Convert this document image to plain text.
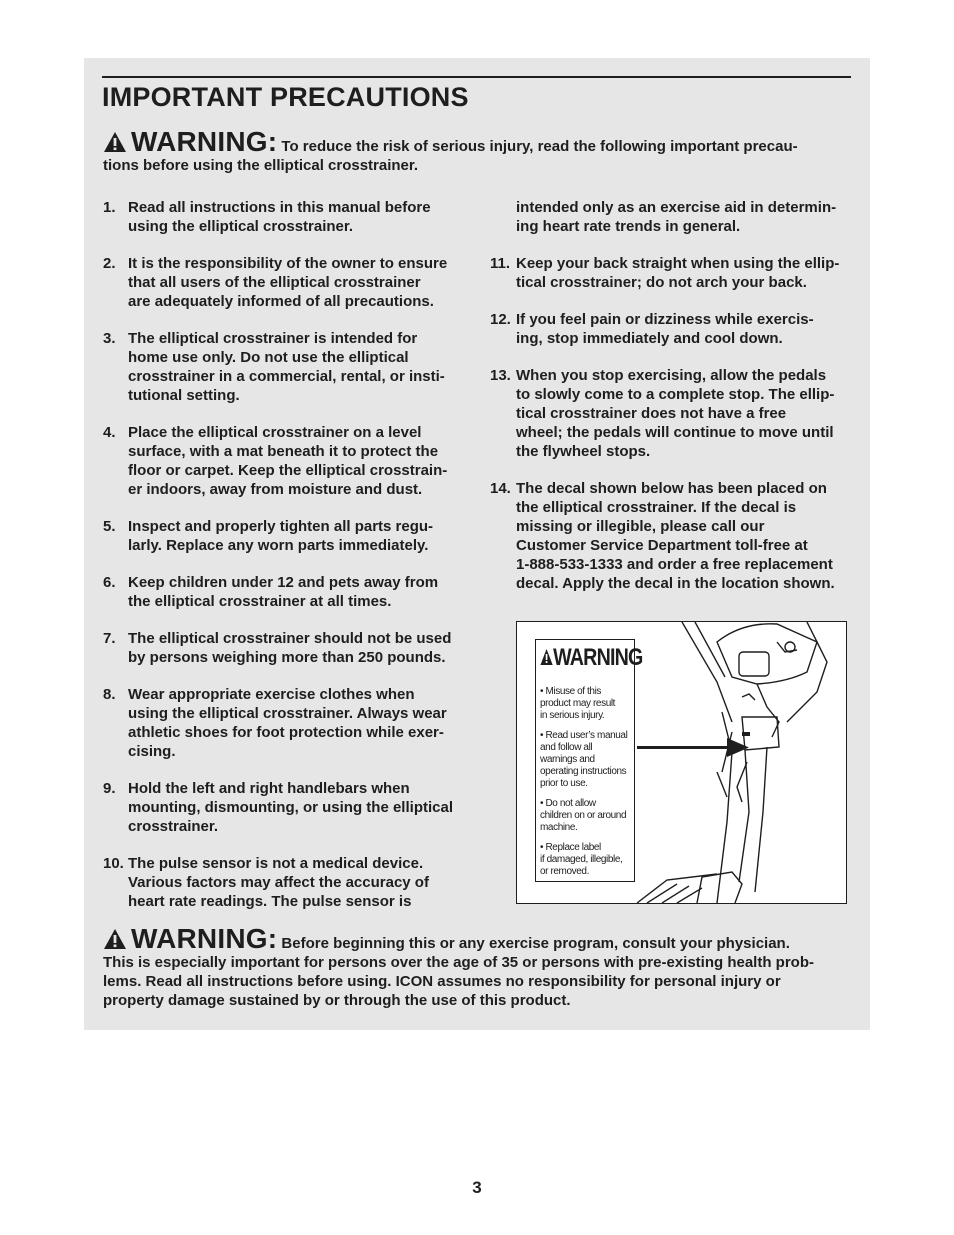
IMPORTANT PRECAUTIONS
WARNING: To reduce the risk of serious injury, read the following important precau-
tions before using the elliptical crosstrainer.
1. Read all instructions in this manual before
using the elliptical crosstrainer.
2. It is the responsibility of the owner to ensure
that all users of the elliptical crosstrainer
are adequately informed of all precautions.
3. The elliptical crosstrainer is intended for
home use only. Do not use the elliptical
crosstrainer in a commercial, rental, or insti-
tutional setting.
4. Place the elliptical crosstrainer on a level
surface, with a mat beneath it to protect the
floor or carpet. Keep the elliptical crosstrain-
er indoors, away from moisture and dust.
5. Inspect and properly tighten all parts regu-
larly. Replace any worn parts immediately.
6. Keep children under 12 and pets away from
the elliptical crosstrainer at all times.
7. The elliptical crosstrainer should not be used
by persons weighing more than 250 pounds.
8. Wear appropriate exercise clothes when
using the elliptical crosstrainer. Always wear
athletic shoes for foot protection while exer-
cising.
9. Hold the left and right handlebars when
mounting, dismounting, or using the elliptical
crosstrainer.
10. The pulse sensor is not a medical device.
Various factors may affect the accuracy of
heart rate readings. The pulse sensor is
intended only as an exercise aid in determin-
ing heart rate trends in general.
11. Keep your back straight when using the ellip-
tical crosstrainer; do not arch your back.
12. If you feel pain or dizziness while exercis-
ing, stop immediately and cool down.
13. When you stop exercising, allow the pedals
to slowly come to a complete stop. The ellip-
tical crosstrainer does not have a free
wheel; the pedals will continue to move until
the flywheel stops.
14. The decal shown below has been placed on
the elliptical crosstrainer. If the decal is
missing or illegible, please call our
Customer Service Department toll-free at
1-888-533-1333 and order a free replacement
decal. Apply the decal in the location shown.
WARNING
• Misuse of this
product may result
in serious injury.
• Read user’s manual
and follow all
warnings and
operating instructions
prior to use.
• Do not allow
children on or around
machine.
• Replace label
if damaged, illegible,
or removed.
WARNING: Before beginning this or any exercise program, consult your physician.
This is especially important for persons over the age of 35 or persons with pre-existing health prob-
lems. Read all instructions before using. ICON assumes no responsibility for personal injury or
property damage sustained by or through the use of this product.
3
